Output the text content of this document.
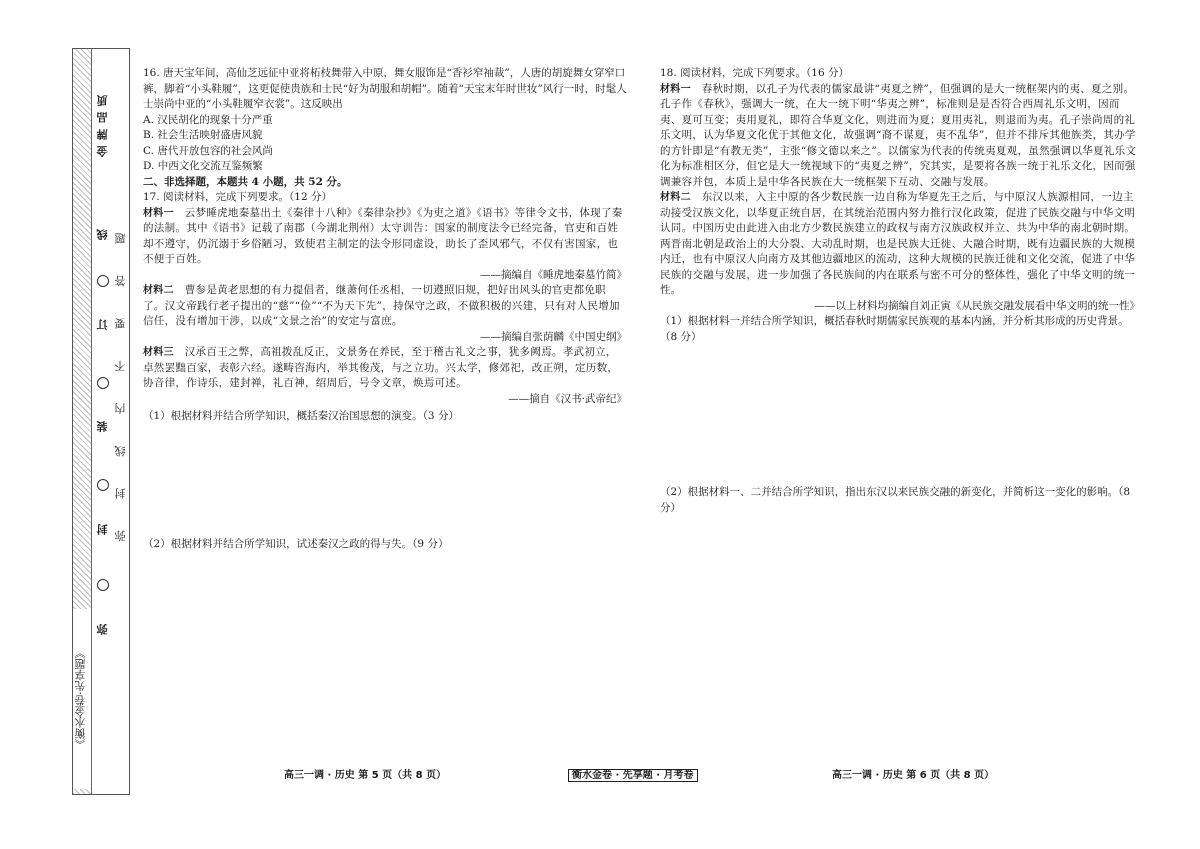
《衡水金卷·先享题》
弥
封
装
订
线
金牌品质
弥 封 线 内 不 要 答 题

16. 唐天宝年间，高仙芝远征中亚将柘枝舞带入中原，舞女服饰是“香衫窄袖裁”，人唐的胡旋舞女穿窄口裤，脚着“小头鞋履”，这更促使贵族和士民“好为胡服和胡帽”。随着“天宝末年时世妆”风行一时，时髦人士崇尚中亚的“小头鞋履窄衣裳”。这反映出

A. 汉民胡化的现象十分严重

B. 社会生活映射盛唐风貌

C. 唐代开放包容的社会风尚

D. 中西文化交流互鉴频繁

二、非选择题，本题共 4 小题，共 52 分。

17. 阅读材料，完成下列要求。（12 分）

材料一　 云梦睡虎地秦墓出土《秦律十八种》《秦律杂抄》《为吏之道》《语书》等律令文书，体现了秦的法制。其中《语书》记载了南郡（今湖北荆州）太守训告：国家的制度法令已经完备，官吏和百姓却不遵守，仍沉溺于乡俗陋习，致使君主制定的法令形同虚设，助长了歪风邪气，不仅有害国家，也不便于百姓。

——摘编自《睡虎地秦墓竹简》

材料二　 曹参是黄老思想的有力提倡者，继萧何任丞相，一切遵照旧规，把好出风头的官吏都免职了。汉文帝践行老子提出的“慈”“俭”“不为天下先”，持保守之政，不做积极的兴建，只有对人民增加信任，没有增加干涉，以成“文景之治”的安定与富庶。

——摘编自张荫麟《中国史纲》

材料三　 汉承百王之弊，高祖拨乱反正，文景务在养民，至于稽古礼文之事，犹多阙焉。孝武初立，卓然罢黜百家，表彰六经。遂畴咨海内，举其俊茂，与之立功。兴太学，修郊祀，改正朔，定历数，协音律，作诗乐，建封禅，礼百神，绍周后，号令文章，焕焉可述。

——摘自《汉书·武帝纪》

（1）根据材料并结合所学知识，概括秦汉治国思想的演变。（3 分）

（2）根据材料并结合所学知识，试述秦汉之政的得与失。（9 分）

18. 阅读材料，完成下列要求。（16 分）

材料一　 春秋时期，以孔子为代表的儒家最讲“夷夏之辨”，但强调的是大一统框架内的夷、夏之别。孔子作《春秋》，强调大一统，在大一统下明“华夷之辨”，标准则是是否符合西周礼乐文明，因而夷、夏可互变；夷用夏礼，即符合华夏文化，则进而为夏；夏用夷礼，则退而为夷。孔子崇尚周的礼乐文明，认为华夏文化优于其他文化，故强调“裔不谋夏，夷不乱华”，但并不排斥其他族类，其办学的方针即是“有教无类”，主张“修文德以来之”。以儒家为代表的传统夷夏观，虽然强调以华夏礼乐文化为标准相区分，但它是大一统视域下的“夷夏之辨”，究其实，是要将各族一统于礼乐文化，因而强调兼容并包，本质上是中华各民族在大一统框架下互动、交融与发展。

材料二　 东汉以来，入主中原的各少数民族一边自称为华夏先王之后，与中原汉人族源相同，一边主动接受汉族文化，以华夏正统自居，在其统治范围内努力推行汉化政策，促进了民族交融与中华文明认同。中国历史由此进入由北方少数民族建立的政权与南方汉族政权并立、共为中华的南北朝时期。两晋南北朝是政治上的大分裂、大动乱时期，也是民族大迁徙、大融合时期，既有边疆民族的大规模内迁，也有中原汉人向南方及其他边疆地区的流动，这种大规模的民族迁徙和文化交流，促进了中华民族的交融与发展，进一步加强了各民族间的内在联系与密不可分的整体性，强化了中华文明的统一性。

——以上材料均摘编自刘正寅《从民族交融发展看中华文明的统一性》

（1）根据材料一并结合所学知识，概括春秋时期儒家民族观的基本内涵，并分析其形成的历史背景。（8 分）

（2）根据材料一、二并结合所学知识，指出东汉以来民族交融的新变化，并简析这一变化的影响。（8 分）

高三一调 · 历史 第 5 页（共 8 页）	衡水金卷 · 先享题 · 月考卷	高三一调 · 历史 第 6 页（共 8 页）
